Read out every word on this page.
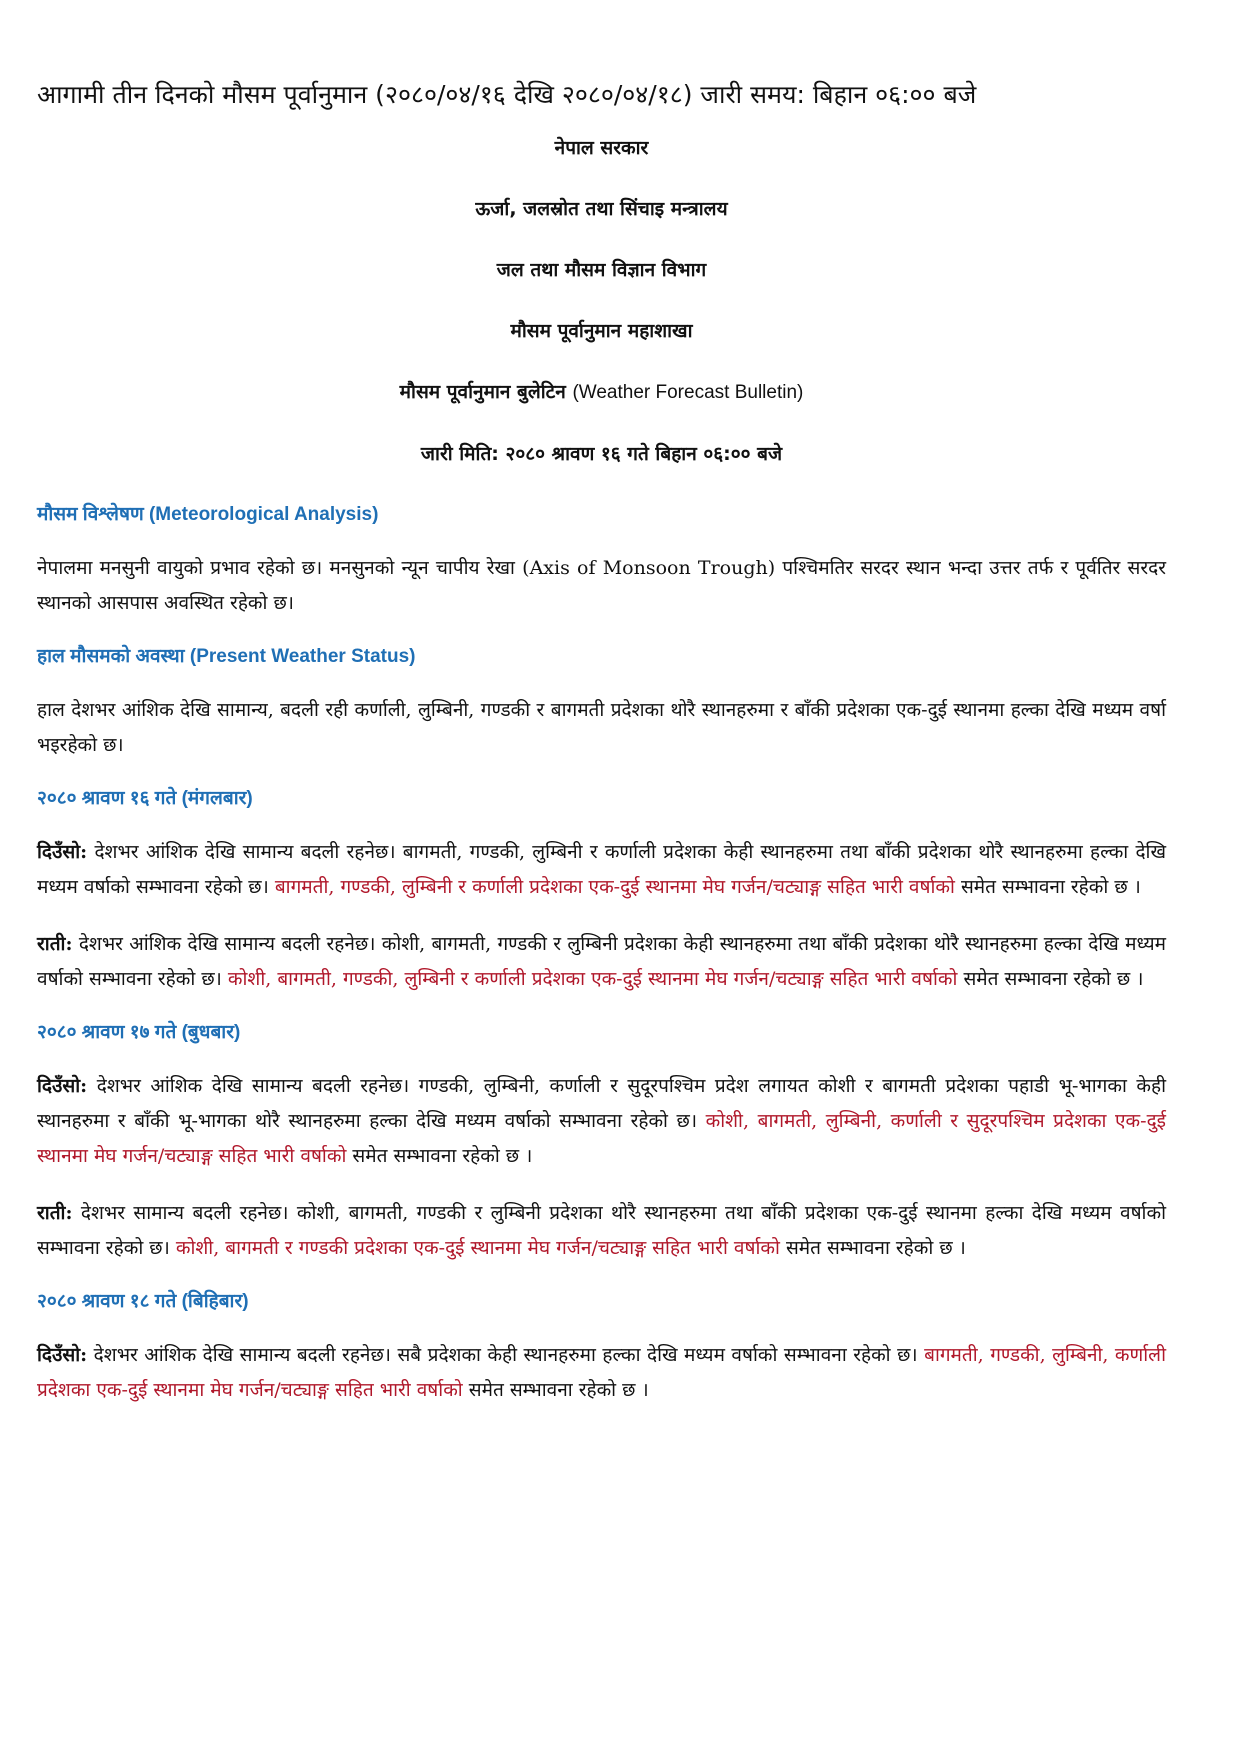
आगामी तीन दिनको मौसम पूर्वानुमान (२०८०/०४/१६ देखि २०८०/०४/१८) जारी समय: बिहान ०६:०० बजे
नेपाल सरकार
ऊर्जा, जलस्रोत तथा सिंचाइ मन्त्रालय
जल तथा मौसम विज्ञान विभाग
मौसम पूर्वानुमान महाशाखा
मौसम पूर्वानुमान बुलेटिन (Weather Forecast Bulletin)
जारी मिति: २०८० श्रावण १६ गते बिहान ०६:०० बजे
मौसम विश्लेषण (Meteorological Analysis)
नेपालमा मनसुनी वायुको प्रभाव रहेको छ। मनसुनको न्यून चापीय रेखा (Axis of Monsoon Trough) पश्चिमतिर सरदर स्थान भन्दा उत्तर तर्फ र पूर्वतिर सरदर स्थानको आसपास अवस्थित रहेको छ।
हाल मौसमको अवस्था (Present Weather Status)
हाल देशभर आंशिक देखि सामान्य, बदली रही कर्णाली, लुम्बिनी, गण्डकी र बागमती प्रदेशका थोरै स्थानहरुमा र बाँकी प्रदेशका एक-दुई स्थानमा हल्का देखि मध्यम वर्षा भइरहेको छ।
२०८० श्रावण १६ गते (मंगलबार)
दिउँसो: देशभर आंशिक देखि सामान्य बदली रहनेछ। बागमती, गण्डकी, लुम्बिनी र कर्णाली प्रदेशका केही स्थानहरुमा तथा बाँकी प्रदेशका थोरै स्थानहरुमा हल्का देखि मध्यम वर्षाको सम्भावना रहेको छ। बागमती, गण्डकी, लुम्बिनी र कर्णाली प्रदेशका एक-दुई स्थानमा मेघ गर्जन/चट्याङ्ग सहित भारी वर्षाको समेत सम्भावना रहेको छ ।
राती: देशभर आंशिक देखि सामान्य बदली रहनेछ। कोशी, बागमती, गण्डकी र लुम्बिनी प्रदेशका केही स्थानहरुमा तथा बाँकी प्रदेशका थोरै स्थानहरुमा हल्का देखि मध्यम वर्षाको सम्भावना रहेको छ। कोशी, बागमती, गण्डकी, लुम्बिनी र कर्णाली प्रदेशका एक-दुई स्थानमा मेघ गर्जन/चट्याङ्ग सहित भारी वर्षाको समेत सम्भावना रहेको छ ।
२०८० श्रावण १७ गते (बुधबार)
दिउँसो: देशभर आंशिक देखि सामान्य बदली रहनेछ। गण्डकी, लुम्बिनी, कर्णाली र सुदूरपश्चिम प्रदेश लगायत कोशी र बागमती प्रदेशका पहाडी भू-भागका केही स्थानहरुमा र बाँकी भू-भागका थोरै स्थानहरुमा हल्का देखि मध्यम वर्षाको सम्भावना रहेको छ। कोशी, बागमती, लुम्बिनी, कर्णाली र सुदूरपश्चिम प्रदेशका एक-दुई स्थानमा मेघ गर्जन/चट्याङ्ग सहित भारी वर्षाको समेत सम्भावना रहेको छ ।
राती: देशभर सामान्य बदली रहनेछ। कोशी, बागमती, गण्डकी र लुम्बिनी प्रदेशका थोरै स्थानहरुमा तथा बाँकी प्रदेशका एक-दुई स्थानमा हल्का देखि मध्यम वर्षाको सम्भावना रहेको छ। कोशी, बागमती र गण्डकी प्रदेशका एक-दुई स्थानमा मेघ गर्जन/चट्याङ्ग सहित भारी वर्षाको समेत सम्भावना रहेको छ ।
२०८० श्रावण १८ गते (बिहिबार)
दिउँसो: देशभर आंशिक देखि सामान्य बदली रहनेछ। सबै प्रदेशका केही स्थानहरुमा हल्का देखि मध्यम वर्षाको सम्भावना रहेको छ। बागमती, गण्डकी, लुम्बिनी, कर्णाली प्रदेशका एक-दुई स्थानमा मेघ गर्जन/चट्याङ्ग सहित भारी वर्षाको समेत सम्भावना रहेको छ ।
